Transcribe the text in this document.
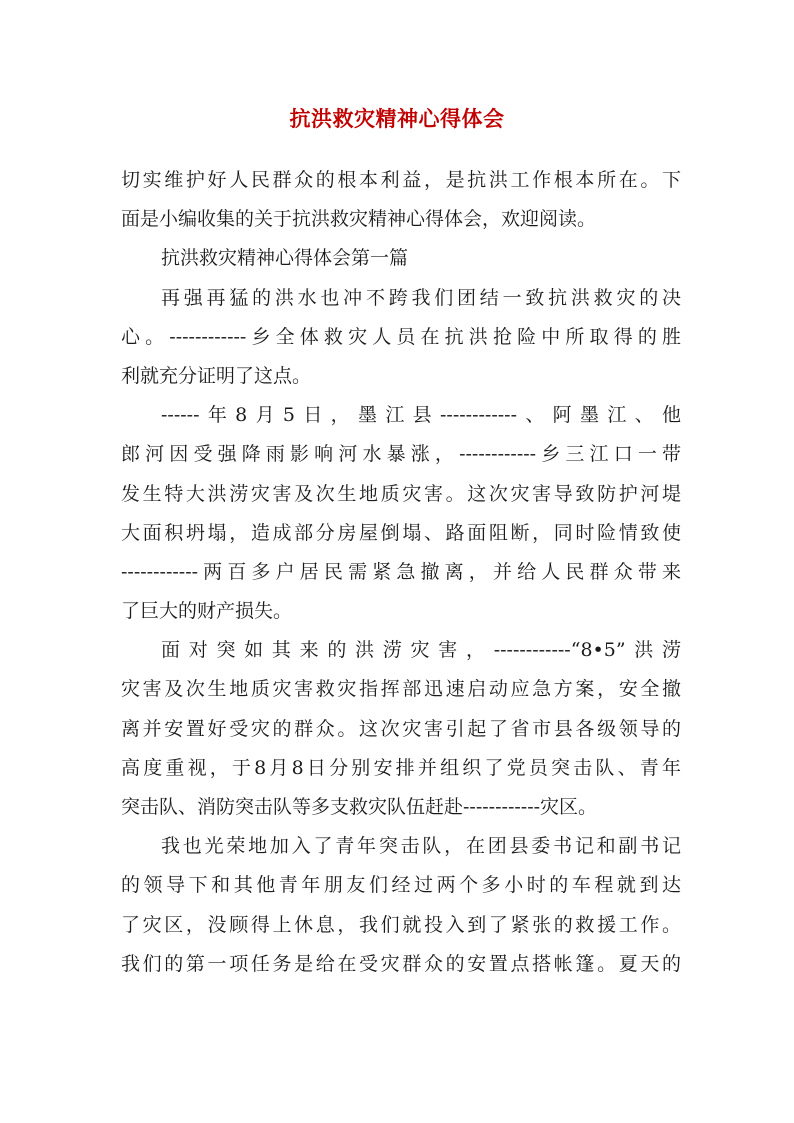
抗洪救灾精神心得体会
切实维护好人民群众的根本利益，是抗洪工作根本所在。下
面是小编收集的关于抗洪救灾精神心得体会，欢迎阅读。
抗洪救灾精神心得体会第一篇
再强再猛的洪水也冲不跨我们团结一致抗洪救灾的决
心。------------乡全体救灾人员在抗洪抢险中所取得的胜
利就充分证明了这点。
------年8月5日，墨江县------------、阿墨江、他
郎河因受强降雨影响河水暴涨，------------乡三江口一带
发生特大洪涝灾害及次生地质灾害。这次灾害导致防护河堤
大面积坍塌，造成部分房屋倒塌、路面阻断，同时险情致使
------------两百多户居民需紧急撤离，并给人民群众带来
了巨大的财产损失。
面对突如其来的洪涝灾害，------------“8•5”洪涝
灾害及次生地质灾害救灾指挥部迅速启动应急方案，安全撤
离并安置好受灾的群众。这次灾害引起了省市县各级领导的
高度重视，于8月8日分别安排并组织了党员突击队、青年
突击队、消防突击队等多支救灾队伍赶赴------------灾区。
我也光荣地加入了青年突击队，在团县委书记和副书记
的领导下和其他青年朋友们经过两个多小时的车程就到达
了灾区，没顾得上休息，我们就投入到了紧张的救援工作。
我们的第一项任务是给在受灾群众的安置点搭帐篷。夏天的
